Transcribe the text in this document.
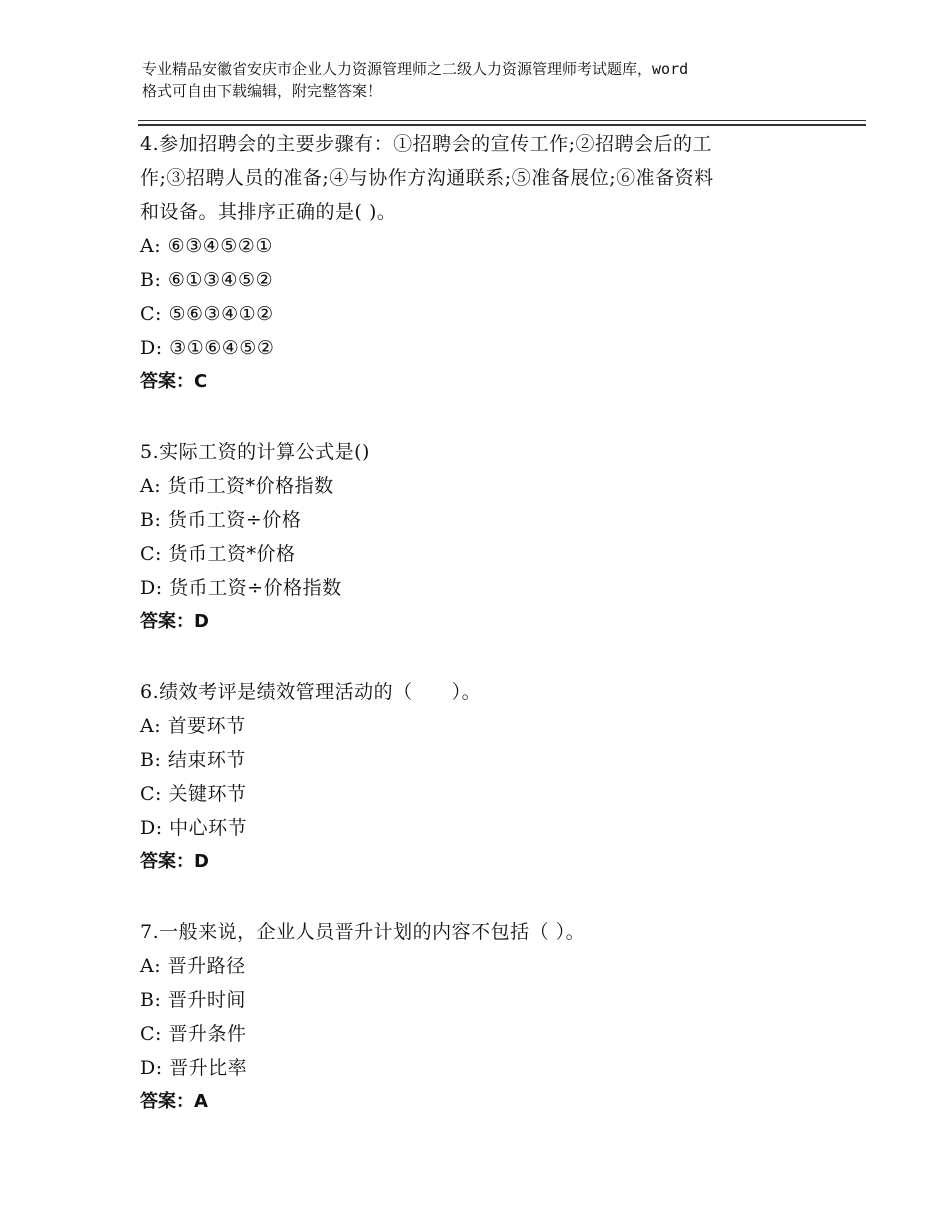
专业精品安徽省安庆市企业人力资源管理师之二级人力资源管理师考试题库，word
格式可自由下载编辑，附完整答案！
4.参加招聘会的主要步骤有：①招聘会的宣传工作;②招聘会后的工
作;③招聘人员的准备;④与协作方沟通联系;⑤准备展位;⑥准备资料
和设备。其排序正确的是( )。
A: ⑥③④⑤②①
B: ⑥①③④⑤②
C: ⑤⑥③④①②
D: ③①⑥④⑤②
答案：C
5.实际工资的计算公式是()
A: 货币工资*价格指数
B: 货币工资÷价格
C: 货币工资*价格
D: 货币工资÷价格指数
答案：D
6.绩效考评是绩效管理活动的（　　）。
A: 首要环节
B: 结束环节
C: 关键环节
D: 中心环节
答案：D
7.一般来说，企业人员晋升计划的内容不包括（ ）。
A: 晋升路径
B: 晋升时间
C: 晋升条件
D: 晋升比率
答案：A
